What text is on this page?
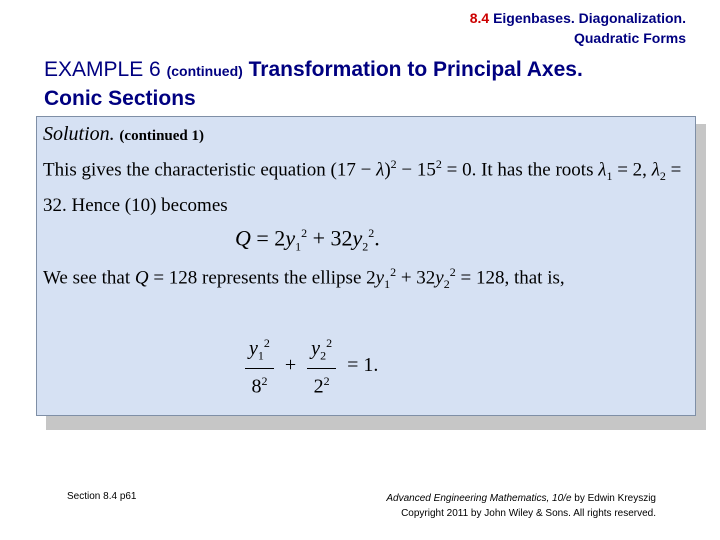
8.4 Eigenbases. Diagonalization.
Quadratic Forms
EXAMPLE 6 (continued) Transformation to Principal Axes.
Conic Sections

Solution. (continued 1)

This gives the characteristic equation $(17 - \lambda)^2 - 15^2 = 0$. It has the roots $\lambda_1 = 2$, $\lambda_2 = 32$. Hence (10) becomes

$Q = 2y_1^2 + 32y_2^2$.

We see that Q = 128 represents the ellipse $2y_1^2 + 32y_2^2 = 128$, that is,

$\frac{y_1^2}{8^2} + \frac{y_2^2}{2^2} = 1$.
Section 8.4 p61	Advanced Engineering Mathematics, 10/e by Edwin Kreyszig
Copyright 2011 by John Wiley & Sons. All rights reserved.
